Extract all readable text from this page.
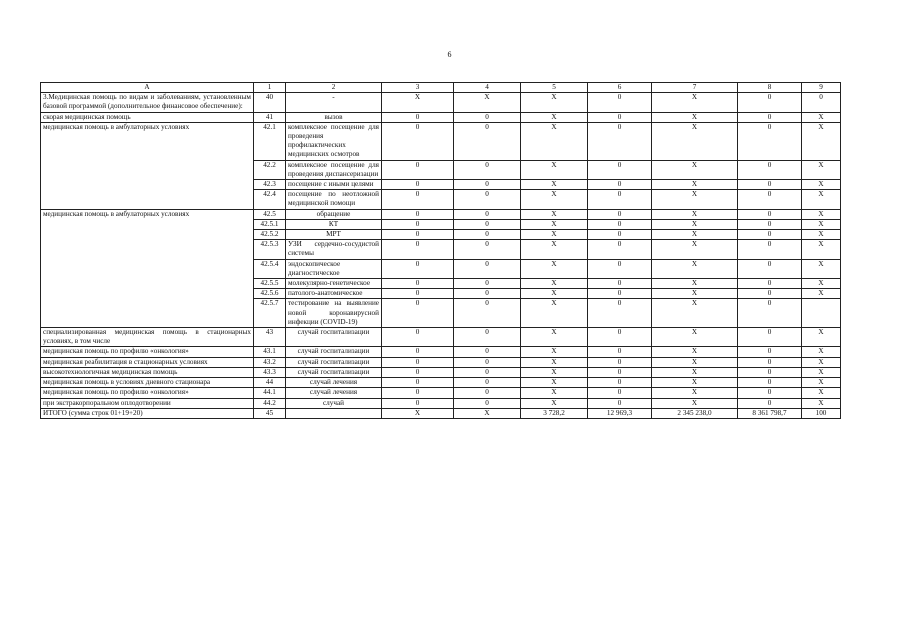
6
А	1	2	3	4	5	6	7	8	9
3.Медицинская помощь по видам и заболеваниям, установленным базовой программой (дополнительное финансовое обеспечение):	40	-	X	X	X	0	X	0	0
скорая медицинская помощь	41	вызов	0	0	X	0	X	0	X
медицинская помощь в амбулаторных условиях	42.1	комплексное посещение для проведения профилактических медицинских осмотров	0	0	X	0	X	0	X
	42.2	комплексное посещение для проведения диспансеризации	0	0	X	0	X	0	X
	42.3	посещение с иными целями	0	0	X	0	X	0	X
	42.4	посещение по неотложной медицинской помощи	0	0	X	0	X	0	X
медицинская помощь в амбулаторных условиях	42.5	обращение	0	0	X	0	X	0	X
	42.5.1	КТ	0	0	X	0	X	0	X
	42.5.2	МРТ	0	0	X	0	X	0	X
	42.5.3	УЗИ сердечно-сосудистой системы	0	0	X	0	X	0	X
	42.5.4	эндоскопическое диагностическое	0	0	X	0	X	0	X
	42.5.5	молекулярно-генетическое	0	0	X	0	X	0	X
	42.5.6	патолого-анатомическое	0	0	X	0	X	0	X
	42.5.7	тестирование на выявление новой коронавирусной инфекции (COVID-19)	0	0	X	0	X	0	
специализированная медицинская помощь в стационарных условиях, в том числе	43	случай госпитализации	0	0	X	0	X	0	X
медицинская помощь по профилю «онкология»	43.1	случай госпитализации	0	0	X	0	X	0	X
медицинская реабилитация в стационарных условиях	43.2	случай госпитализации	0	0	X	0	X	0	X
высокотехнологичная медицинская помощь	43.3	случай госпитализации	0	0	X	0	X	0	X
медицинская помощь в условиях дневного стационара	44	случай лечения	0	0	X	0	X	0	X
медицинская помощь по профилю «онкология»	44.1	случай лечения	0	0	X	0	X	0	X
при экстракорпоральном оплодотворении	44.2	случай	0	0	X	0	X	0	X
ИТОГО (сумма строк 01+19+20)	45		X	X	3 728,2	12 969,3	2 345 238,0	8 361 798,7	100
